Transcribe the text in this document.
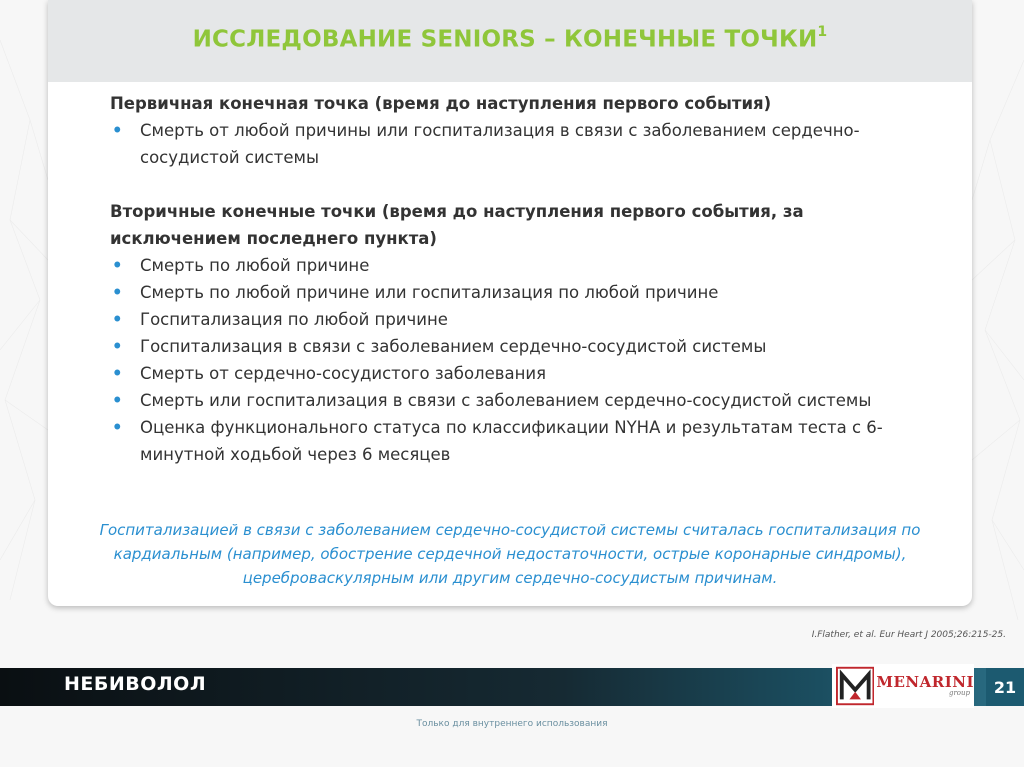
ИССЛЕДОВАНИЕ SENIORS – КОНЕЧНЫЕ ТОЧКИ$^1$

Первичная конечная точка (время до наступления первого события)

• Смерть от любой причины или госпитализация в связи с заболеванием сердечно-сосудистой системы

Вторичные конечные точки (время до наступления первого события, за исключением последнего пункта)

• Смерть по любой причине
• Смерть по любой причине или госпитализация по любой причине
• Госпитализация по любой причине
• Госпитализация в связи с заболеванием сердечно-сосудистой системы
• Смерть от сердечно-сосудистого заболевания
• Смерть или госпитализация в связи с заболеванием сердечно-сосудистой системы
• Оценка функционального статуса по классификации NYHA и результатам теста с 6-минутной ходьбой через 6 месяцев
Госпитализацией в связи с заболеванием сердечно-сосудистой системы считалась госпитализация по кардиальным (например, обострение сердечной недостаточности, острые коронарные синдромы), цереброваскулярным или другим сердечно-сосудистым причинам.
I.Flather, et al. Eur Heart J 2005;26:215-25.
НЕБИВОЛОЛ	MENARINI
group	21
Только для внутреннего использования
